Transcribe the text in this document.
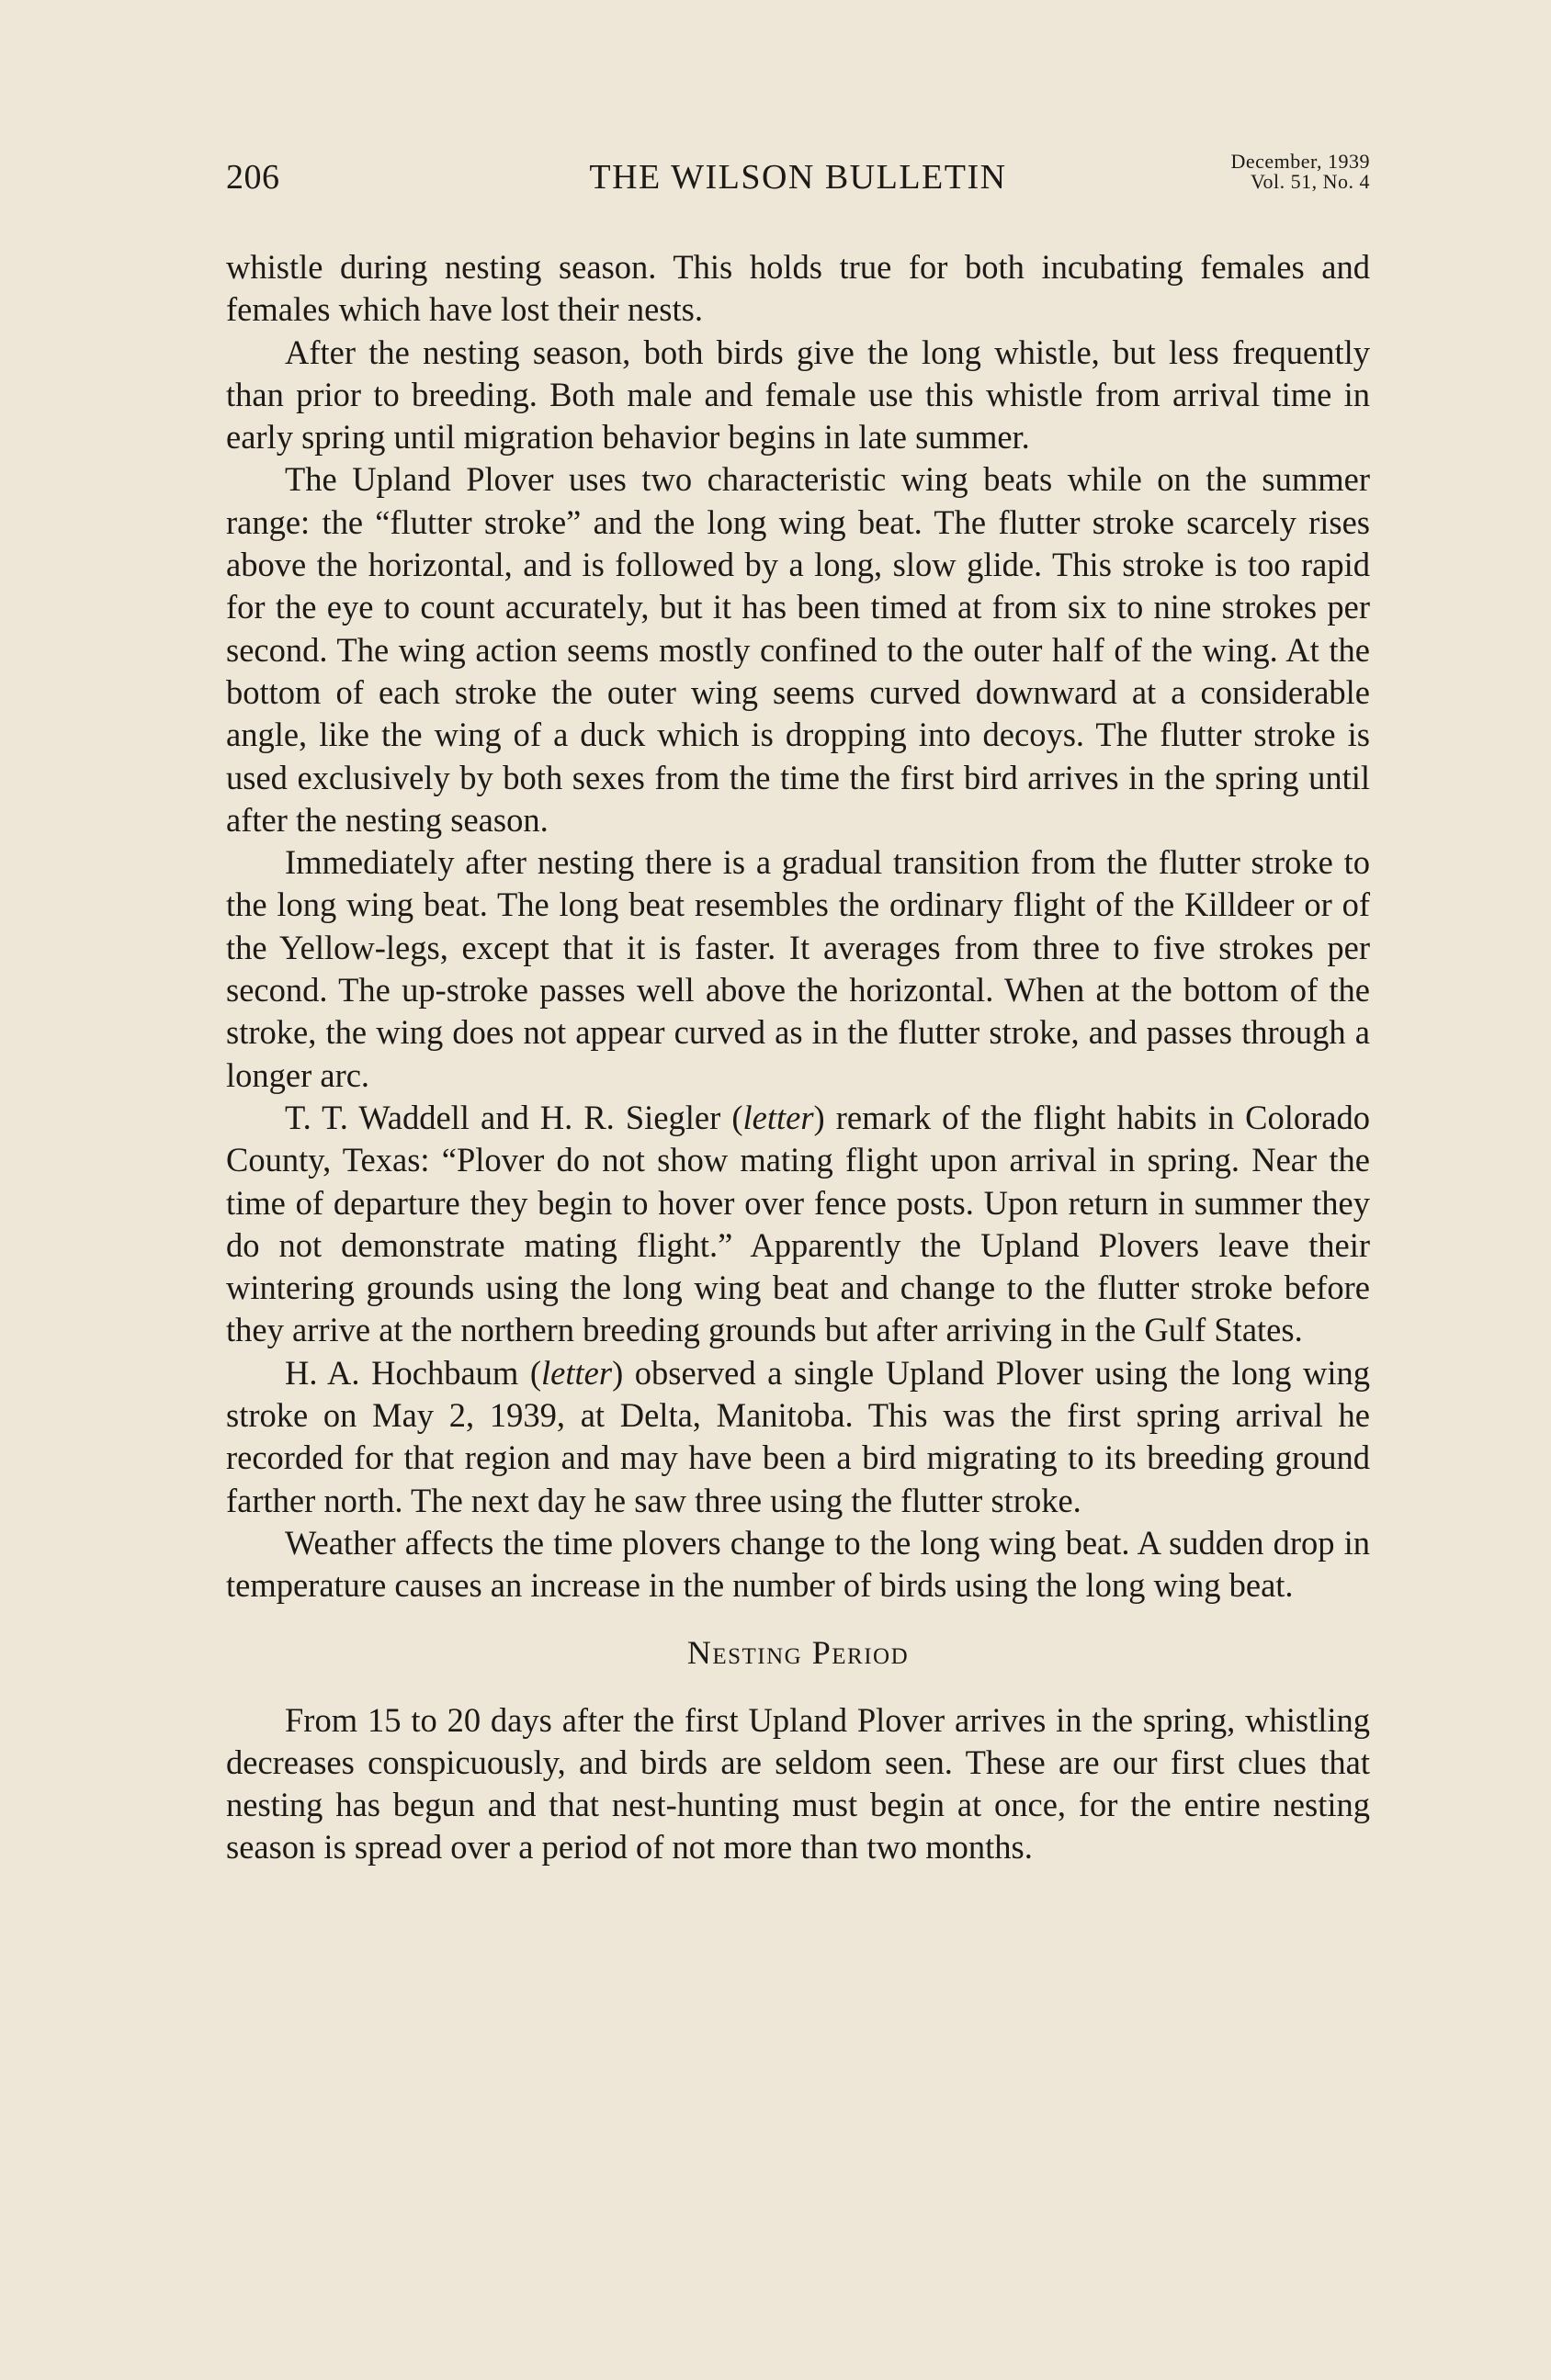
206	THE WILSON BULLETIN	December, 1939
Vol. 51, No. 4

whistle during nesting season. This holds true for both incubating females and females which have lost their nests.

After the nesting season, both birds give the long whistle, but less frequently than prior to breeding. Both male and female use this whistle from arrival time in early spring until migration behavior begins in late summer.

The Upland Plover uses two characteristic wing beats while on the summer range: the “flutter stroke” and the long wing beat. The flutter stroke scarcely rises above the horizontal, and is followed by a long, slow glide. This stroke is too rapid for the eye to count accurately, but it has been timed at from six to nine strokes per second. The wing action seems mostly confined to the outer half of the wing. At the bottom of each stroke the outer wing seems curved downward at a considerable angle, like the wing of a duck which is dropping into decoys. The flutter stroke is used exclusively by both sexes from the time the first bird arrives in the spring until after the nesting season.

Immediately after nesting there is a gradual transition from the flutter stroke to the long wing beat. The long beat resembles the ordinary flight of the Killdeer or of the Yellow-legs, except that it is faster. It averages from three to five strokes per second. The up-stroke passes well above the horizontal. When at the bottom of the stroke, the wing does not appear curved as in the flutter stroke, and passes through a longer arc.

T. T. Waddell and H. R. Siegler (letter) remark of the flight habits in Colorado County, Texas: “Plover do not show mating flight upon arrival in spring. Near the time of departure they begin to hover over fence posts. Upon return in summer they do not demonstrate mating flight.” Apparently the Upland Plovers leave their wintering grounds using the long wing beat and change to the flutter stroke before they arrive at the northern breeding grounds but after arriving in the Gulf States.

H. A. Hochbaum (letter) observed a single Upland Plover using the long wing stroke on May 2, 1939, at Delta, Manitoba. This was the first spring arrival he recorded for that region and may have been a bird migrating to its breeding ground farther north. The next day he saw three using the flutter stroke.

Weather affects the time plovers change to the long wing beat. A sudden drop in temperature causes an increase in the number of birds using the long wing beat.

Nesting Period

From 15 to 20 days after the first Upland Plover arrives in the spring, whistling decreases conspicuously, and birds are seldom seen. These are our first clues that nesting has begun and that nest-hunting must begin at once, for the entire nesting season is spread over a period of not more than two months.
